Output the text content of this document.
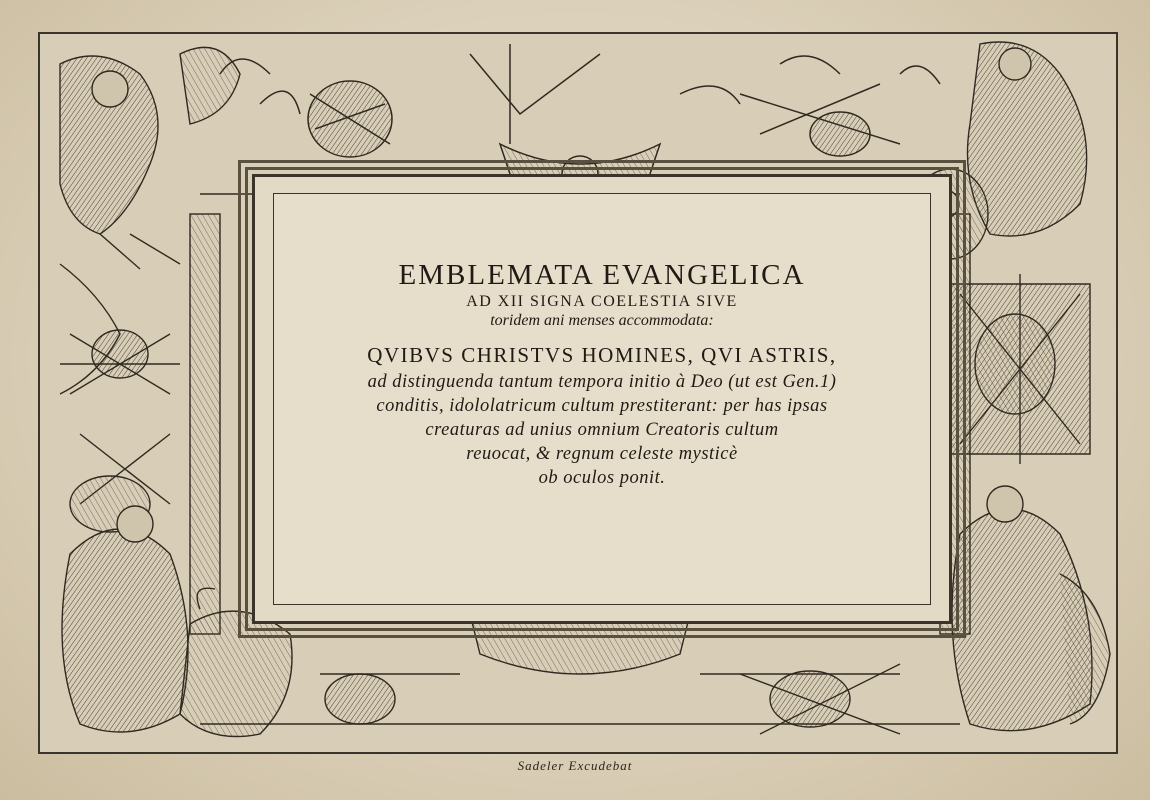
EMBLEMATA EVANGELICA

AD XII SIGNA COELESTIA SIVE

toridem ani menses accommodata:

QVIBVS CHRISTVS HOMINES, QVI ASTRIS,

ad distinguenda tantum tempora initio à Deo (ut est Gen.1)

conditis, idololatricum cultum prestiterant: per has ipsas

creaturas ad unius omnium Creatoris cultum

reuocat, & regnum celeste mysticè

ob oculos ponit.

Sadeler Excudebat
